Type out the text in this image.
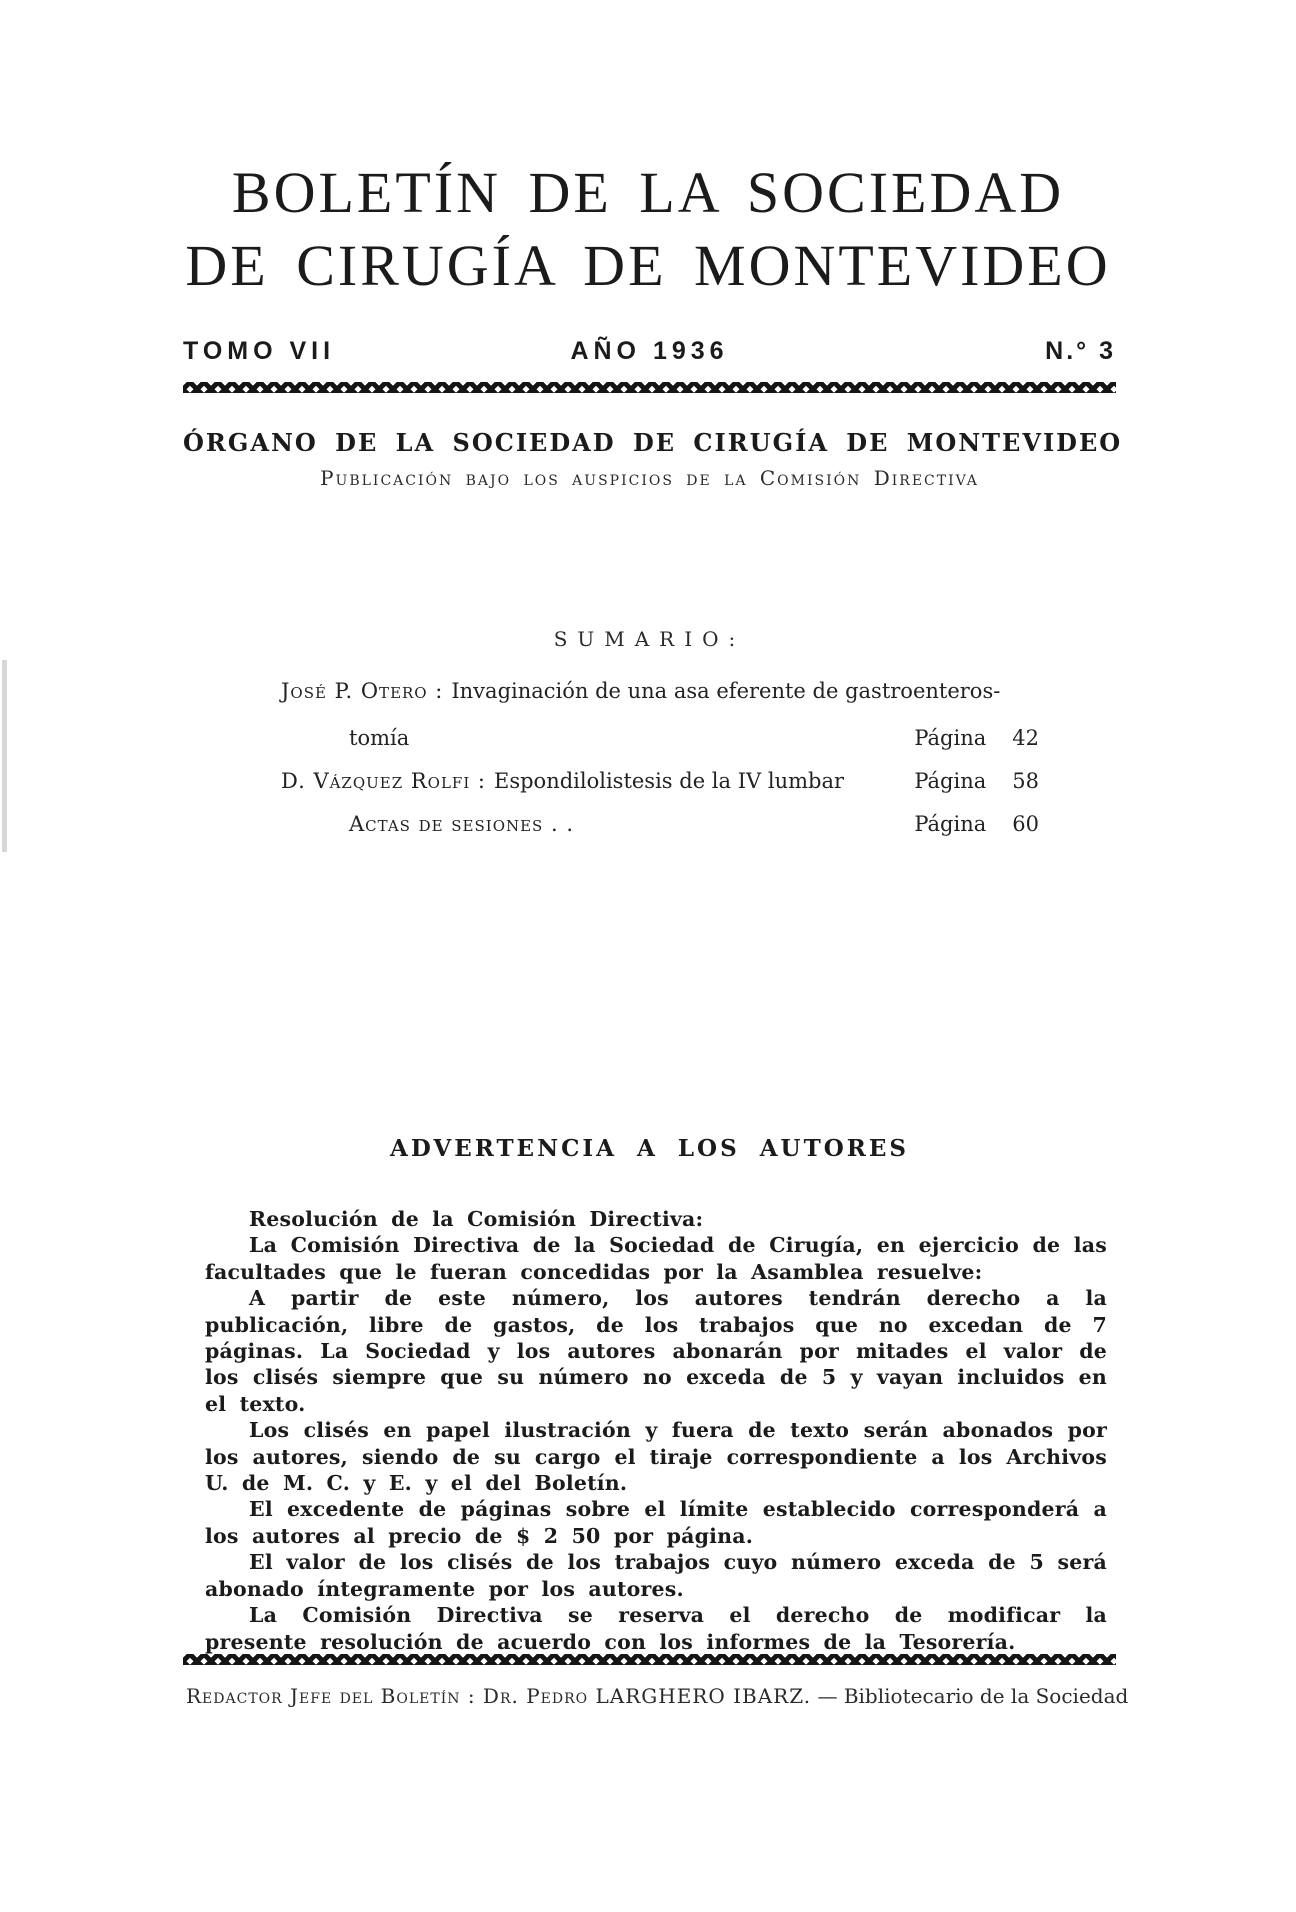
BOLETÍN DE LA SOCIEDAD
DE CIRUGÍA DE MONTEVIDEO
TOMO VII	AÑO 1936	N.° 3
ÓRGANO DE LA SOCIEDAD DE CIRUGÍA DE MONTEVIDEO
Publicación bajo los auspicios de la Comisión Directiva
SUMARIO:
José P. Otero : Invaginación de una asa eferente de gastroenteros-
tomía	Página 42
D. Vázquez Rolfi : Espondilolistesis de la IV lumbar	Página 58
Actas de sesiones . .	Página 60
ADVERTENCIA A LOS AUTORES

Resolución de la Comisión Directiva:

La Comisión Directiva de la Sociedad de Cirugía, en ejercicio de las facultades que le fueran concedidas por la Asamblea resuelve:

A partir de este número, los autores tendrán derecho a la publicación, libre de gastos, de los trabajos que no excedan de 7 páginas. La Sociedad y los autores abonarán por mitades el valor de los clisés siempre que su número no exceda de 5 y vayan incluidos en el texto.

Los clisés en papel ilustración y fuera de texto serán abonados por los autores, siendo de su cargo el tiraje correspondiente a los Archivos U. de M. C. y E. y el del Boletín.

El excedente de páginas sobre el límite establecido corresponderá a los autores al precio de $ 2 50 por página.

El valor de los clisés de los trabajos cuyo número exceda de 5 será abonado íntegramente por los autores.

La Comisión Directiva se reserva el derecho de modificar la presente resolución de acuerdo con los informes de la Tesorería.

Redactor Jefe del Boletín : Dr. Pedro LARGHERO IBARZ. — Bibliotecario de la Sociedad
